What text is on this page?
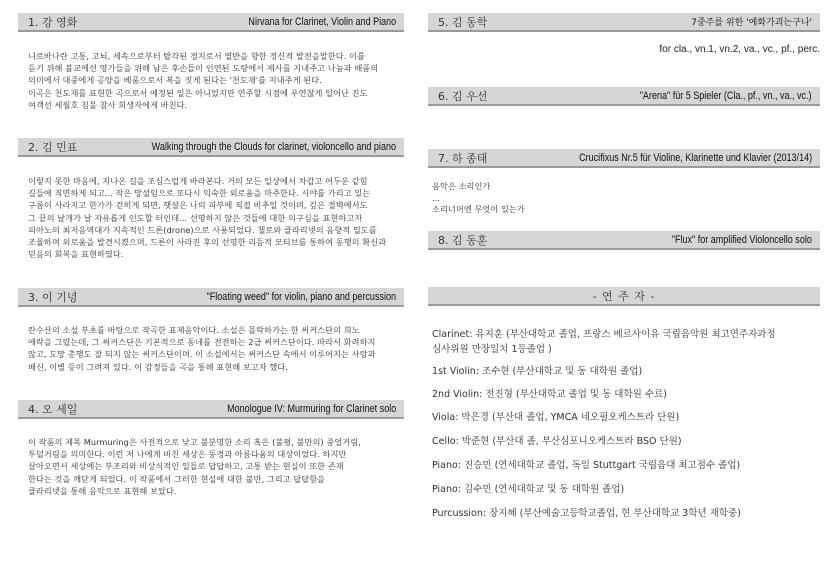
1. 강 영화	Nirvana for Clarinet, Violin and Piano

니르바나란 고통, 고뇌, 세속으로부터 탈각된 경지로서 열반을 향한 정신적 발전을말한다. 이를

듣기 위해 불교에선 영가들을 위해 남은 후손들이 인연된 도량에서 제사를 지내주고 나눔과 배품의

의미에서 대중에게 공양을 베품으로서 복을 짓게 된다는 '천도재'를 지내주게 된다.

이곡은 천도재를 표현한 곡으로서 예정된 일은 아니었지만 연주할 시점에 우연찮게 일어난 진도

여객선 세월호 침몰 참사 희생자에게 바친다.

2. 김 민표	Walking through the Clouds for clarinet, violoncello and piano

이렇지 못한 마음에, 지나온 길을 조심스럽게 바라본다. 거의 모든 일상에서 차갑고 어두운 같힘

길들에 직면하게 되고... 작은 망설임으로 또다시 익숙한 외로움을 마주한다. 시야를 가리고 있는

구름이 사라지고 한가가 걷히게 되면, 햇살은 나의 피부에 직접 비추일 것이며, 깊은 절벽에서도

그 끝의 날개가 날 자유롭게 인도할 터인데... 선명하지 않은 것들에 대한 의구심을 표현하고자

피아노의 최저음역대가 지속적인 드론(drone)으로 사용되었다. 첼로와 클라리넷의 음향적 밀도를

조율하며 외로움을 발견시켰으며, 드론이 사라진 후의 선명한 리듬적 모티브를 통하여 동행의 확신과

믿음의 회복을 표현하였다.

3. 이 기녕	"Floating weed" for violin, piano and percussion

란수산의 소설 부초를 바탕으로 작곡한 표제음악이다. 소설은 몰락하가는 한 써커스단의 희노

애락을 그렸는데, 그 써커스단은 기본적으로 동네를 전전하는 2급 써커스단이다. 따라서 화려하지

않고, 도망 총행도 잘 되지 않는 써커스단이며. 이 소설에서는 써커스단 속에서 이루어지는 사랑과

배신, 이별 등이 그려져 있다. 이 감정들을 곡을 통해 표현해 보고자 했다.

4. 오 세일	Monologue IV: Murmuring for Clarinet solo

이 작품의 제목 Murmuring은 사전적으로 낮고 불분명한 소리 혹은 (불평, 불만의) 중얼거림,

투덜거림을 의미한다. 이런 저 나에게 비친 세상은 동경과 아름다움의 대상이었다. 하지만

살아오면서 세상에는 부조리와 비상식적인 일들로 답답하고, 고통 받는 현실이 또한 존재

한다는 것을 깨닫게 되었다. 이 작품에서 그러한 현실에 대한 불만, 그리고 답답함을

클라리넷을 통해 음악으로 표현해 보았다.

5. 김 동학	7중주를 위한 '예화가괴는구나'
for cla., vn.1, vn.2, va., vc., pf., perc.
6. 김 우선	"Arena" für 5 Spieler (Cla., pf., vn., va., vc.)
7. 하 종태	Crucifixus Nr.5 für Violine, Klarinette und Klavier (2013/14)

음악은 소리인가

...

소리너머엔 무엇이 있는가

8. 김 동훈	"Flux" for amplified Violoncello solo
- 연 주 자 -
Clarinet: 유지훈 (부산대학교 졸업, 프랑스 베르사이유 국립음악원 최고연주자과정
심사위원 만장일치 1등졸업 )
1st Violin: 조수현 (부산대학교 및 동 대학원 졸업)
2nd Violin: 전진형 (부산대학교 졸업 및 동 대학원 수료)
Viola: 박은경 (부산대 졸업, YMCA 네오필오케스트라 단원)
Cello: 박준현 (부산대 졸, 부산심포니오케스트라 BSO 단원)
Piano: 진승민 (연세대학교 졸업, 독일 Stuttgart 국립음대 최고점수 졸업)
Piano: 김수민 (연세대학교 및 동 대학원 졸업)
Purcussion: 장지혜 (부산예술고등학교졸업, 현 부산대학교 3학년 재학중)
